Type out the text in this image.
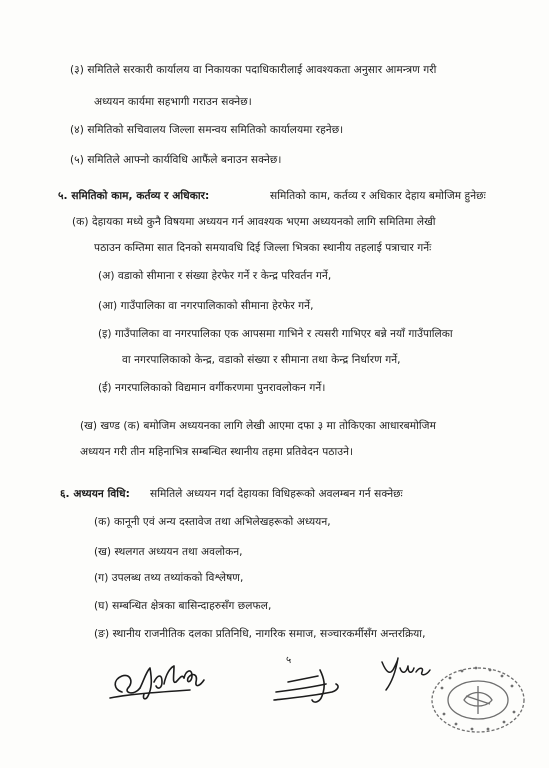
(३) समितिले सरकारी कार्यालय वा निकायका पदाधिकारीलाई आवश्यकता अनुसार आमन्त्रण गरी
अध्ययन कार्यमा सहभागी गराउन सक्नेछ।
(४) समितिको सचिवालय जिल्ला समन्वय समितिको कार्यालयमा रहनेछ।
(५) समितिले आफ्नो कार्यविधि आफैंले बनाउन सक्नेछ।
५. समितिको काम, कर्तव्य र अधिकार:	समितिको काम, कर्तव्य र अधिकार देहाय बमोजिम हुनेछः
(क) देहायका मध्ये कुनै विषयमा अध्ययन गर्न आवश्यक भएमा अध्ययनको लागि समितिमा लेखी
पठाउन कम्तिमा सात दिनको समयावधि दिई जिल्ला भित्रका स्थानीय तहलाई पत्राचार गर्नेः
(अ) वडाको सीमाना र संख्या हेरफेर गर्ने र केन्द्र परिवर्तन गर्ने,
(आ) गाउँपालिका वा नगरपालिकाको सीमाना हेरफेर गर्ने,
(इ) गाउँपालिका वा नगरपालिका एक आपसमा गाभिने र त्यसरी गाभिएर बन्ने नयाँ गाउँपालिका
वा नगरपालिकाको केन्द्र, वडाको संख्या र सीमाना तथा केन्द्र निर्धारण गर्ने,
(ई) नगरपालिकाको विद्यमान वर्गीकरणमा पुनरावलोकन गर्ने।
(ख) खण्ड (क) बमोजिम अध्ययनका लागि लेखी आएमा दफा ३ मा तोकिएका आधारबमोजिम
अध्ययन गरी तीन महिनाभित्र सम्बन्धित स्थानीय तहमा प्रतिवेदन पठाउने।
६. अध्ययन विधि: समितिले अध्ययन गर्दा देहायका विधिहरूको अवलम्बन गर्न सक्नेछः
(क) कानूनी एवं अन्य दस्तावेज तथा अभिलेखहरूको अध्ययन,
(ख) स्थलगत अध्ययन तथा अवलोकन,
(ग) उपलब्ध तथ्य तथ्यांकको विश्लेषण,
(घ) सम्बन्धित क्षेत्रका बासिन्दाहरुसँग छलफल,
(ङ) स्थानीय राजनीतिक दलका प्रतिनिधि, नागरिक समाज, सञ्चारकर्मीसँग अन्तरक्रिया,
५
